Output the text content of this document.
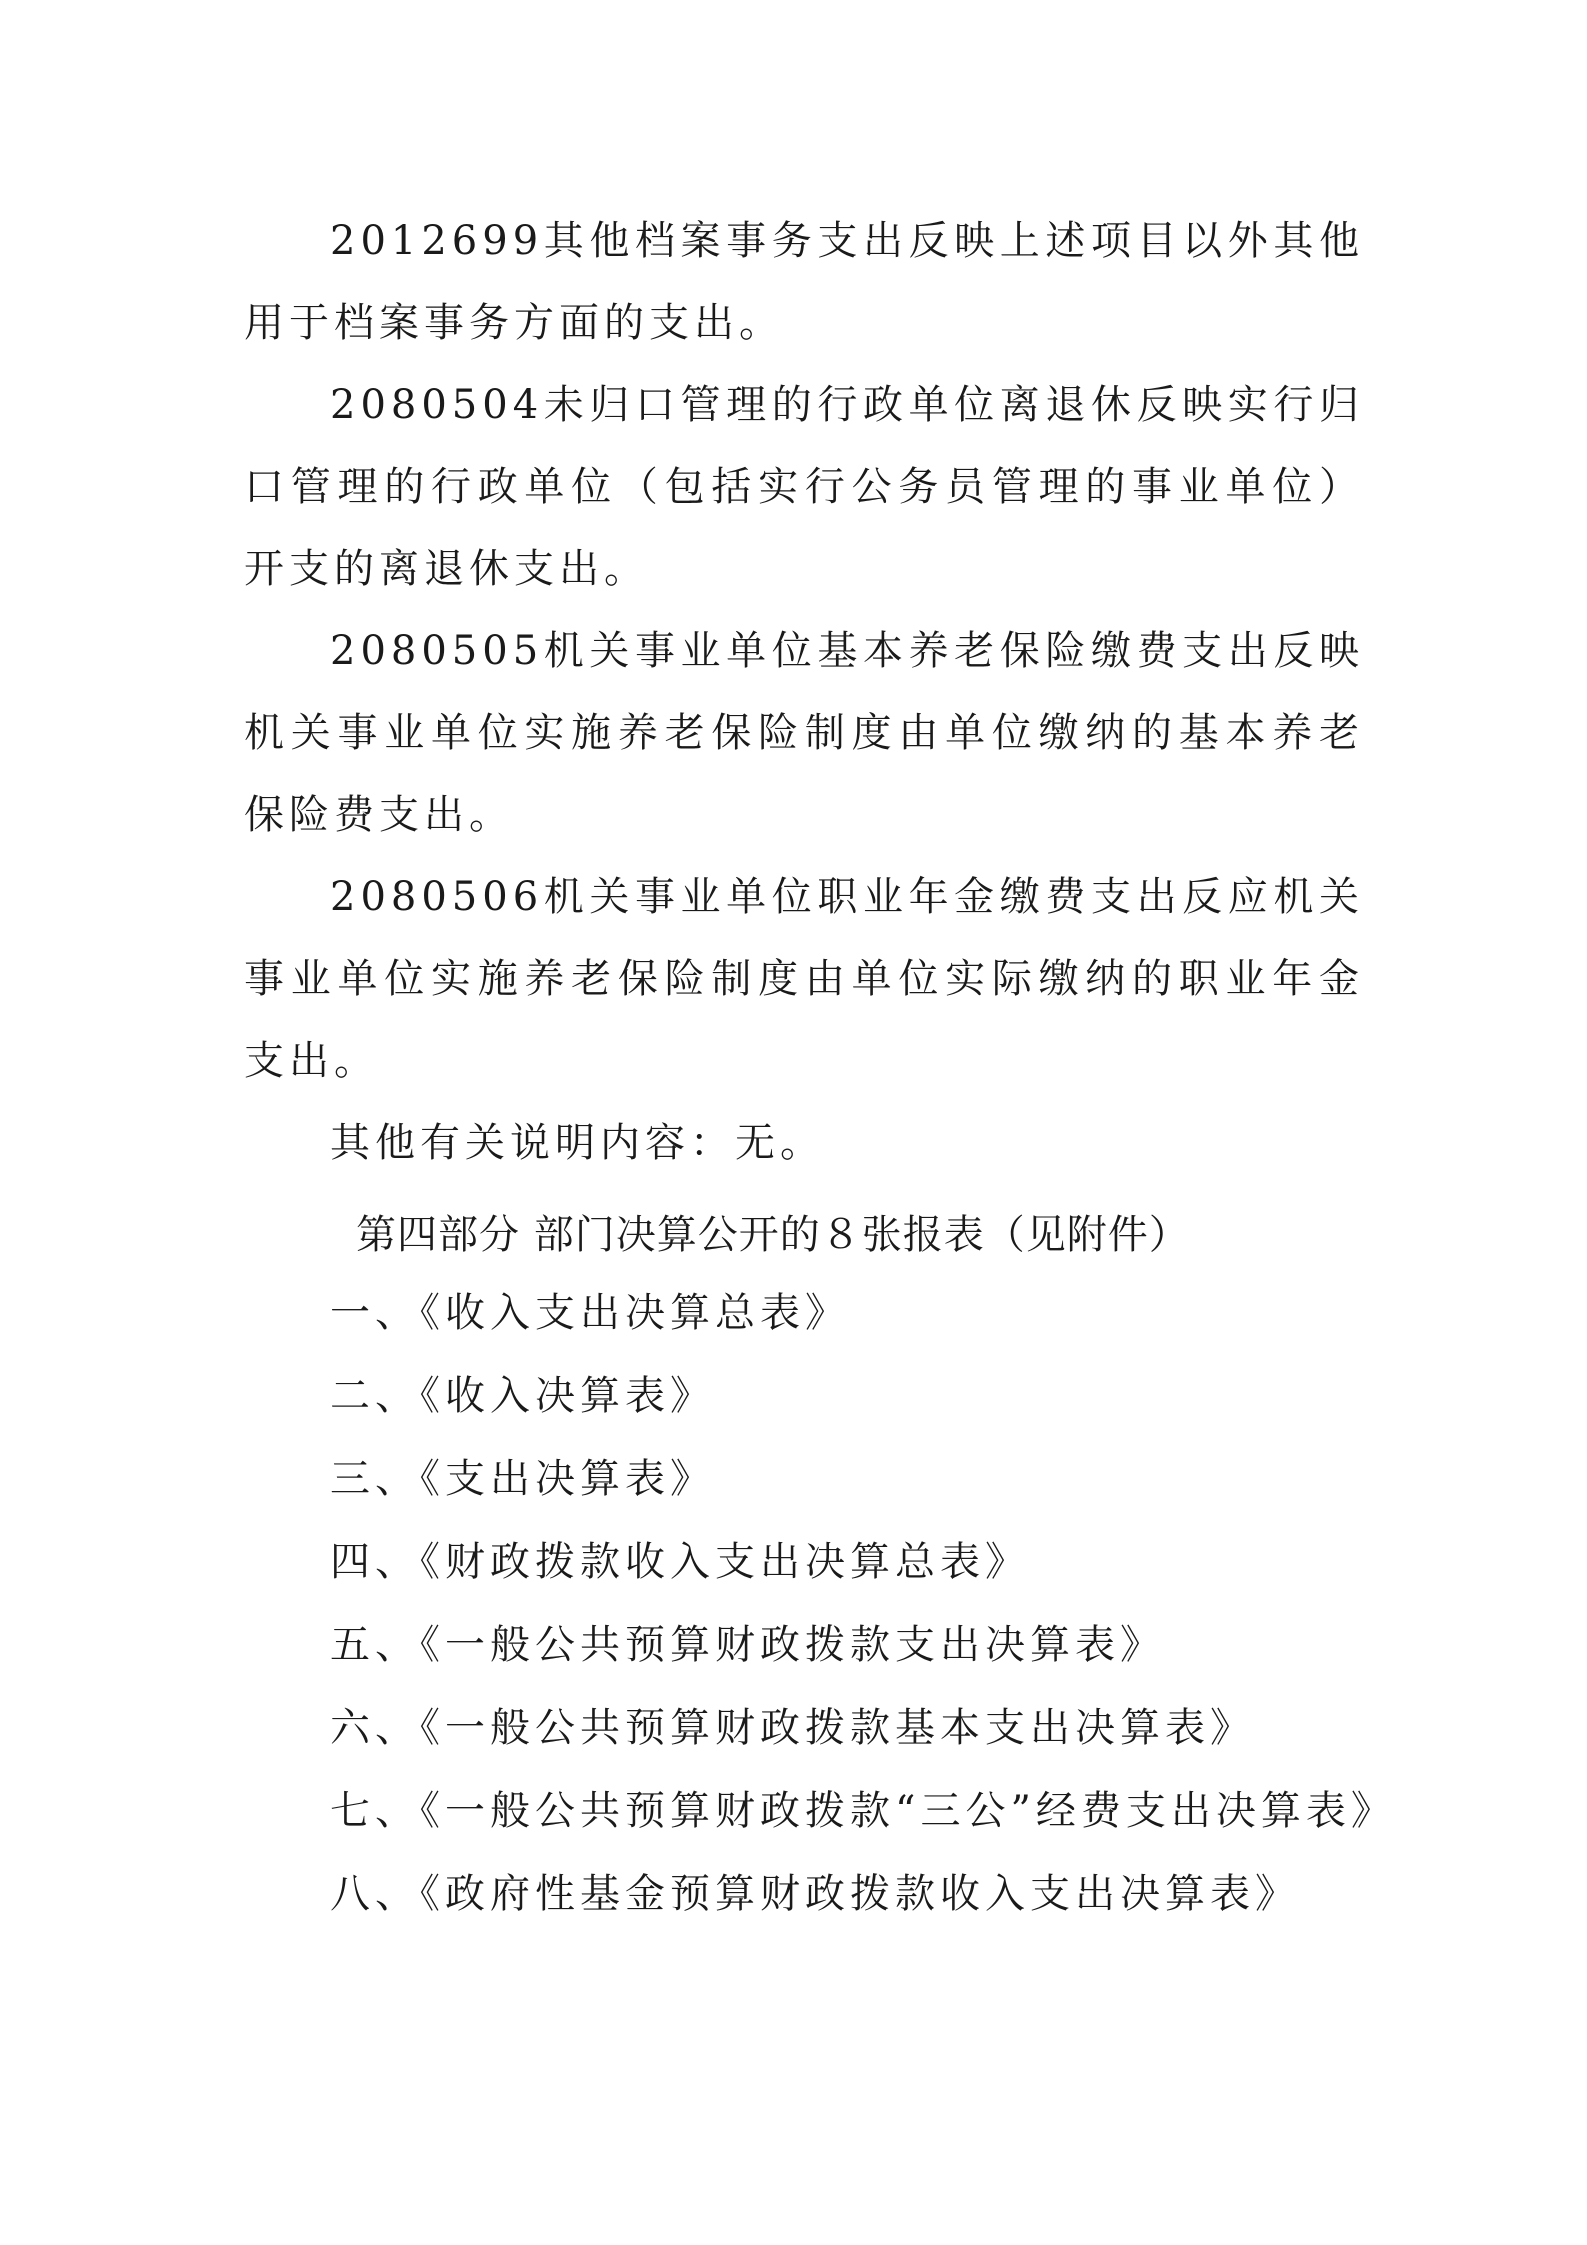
2012699其他档案事务支出反映上述项目以外其他用于档案事务方面的支出。

2080504未归口管理的行政单位离退休反映实行归口管理的行政单位（包括实行公务员管理的事业单位）开支的离退休支出。

2080505机关事业单位基本养老保险缴费支出反映机关事业单位实施养老保险制度由单位缴纳的基本养老保险费支出。

2080506机关事业单位职业年金缴费支出反应机关事业单位实施养老保险制度由单位实际缴纳的职业年金支出。

其他有关说明内容：无。

第四部分 部门决算公开的８张报表（见附件）
一、《收入支出决算总表》
二、《收入决算表》
三、《支出决算表》
四、《财政拨款收入支出决算总表》
五、《一般公共预算财政拨款支出决算表》
六、《一般公共预算财政拨款基本支出决算表》
七、《一般公共预算财政拨款“三公”经费支出决算表》
八、《政府性基金预算财政拨款收入支出决算表》
